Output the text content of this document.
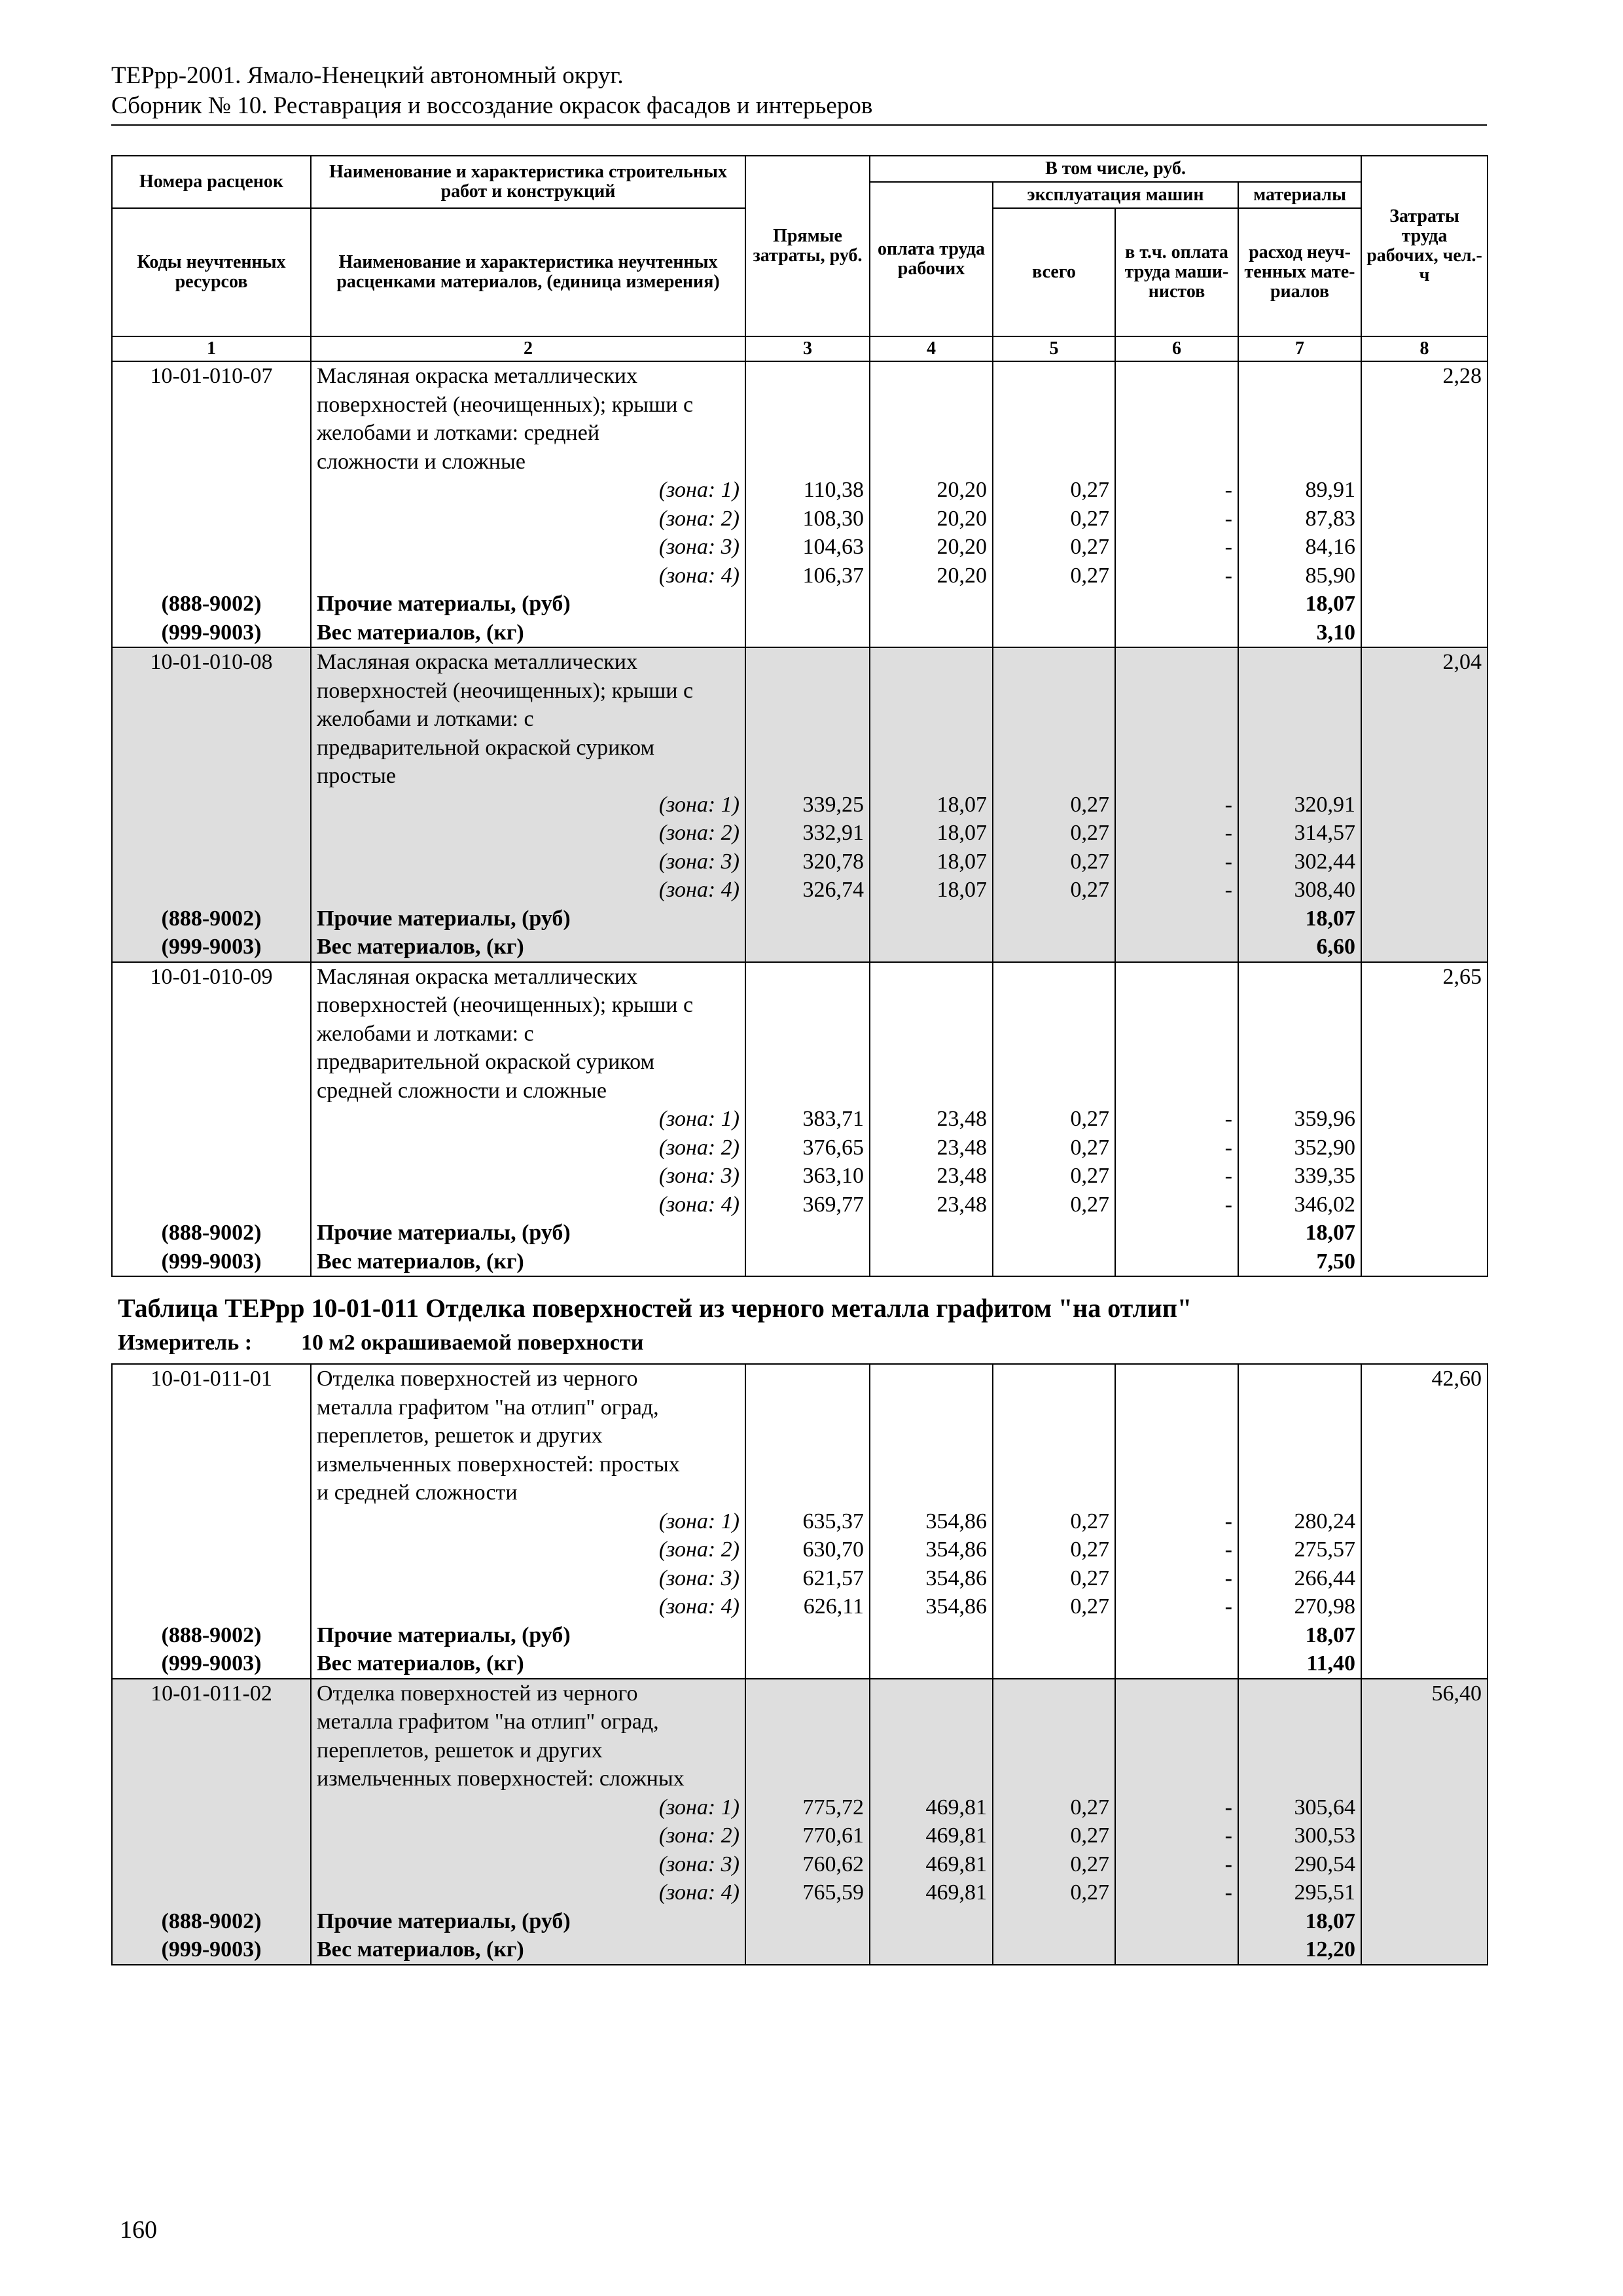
ТЕРрр-2001. Ямало-Ненецкий автономный округ.
Сборник № 10. Реставрация и воссоздание окрасок фасадов и интерьеров
Номера расценок	Наименование и характеристика строительных работ и конструкций	Прямые затраты, руб.	В том числе, руб.				Затраты труда рабочих, чел.-ч
			оплата труда рабочих	эксплуатация машин		материалы	
Коды неучтенных ресурсов	Наименование и характеристика неучтенных расценками материалов, (единица измерения)			всего	в т.ч. оплата труда маши-нистов	расход неуч-тенных мате-риалов	

1	2	3	4	5	6	7	8
10-01-010-07	Масляная окраска металлических						2,28
	поверхностей (неочищенных); крыши с						
	желобами и лотками: средней						
	сложности и сложные						
	(зона: 1)	110,38	20,20	0,27	-	89,91	
	(зона: 2)	108,30	20,20	0,27	-	87,83	
	(зона: 3)	104,63	20,20	0,27	-	84,16	
	(зона: 4)	106,37	20,20	0,27	-	85,90	
(888-9002)	Прочие материалы, (руб)					18,07	
(999-9003)	Вес материалов, (кг)					3,10	
10-01-010-08	Масляная окраска металлических						2,04
	поверхностей (неочищенных); крыши с						
	желобами и лотками: с						
	предварительной окраской суриком						
	простые						
	(зона: 1)	339,25	18,07	0,27	-	320,91	
	(зона: 2)	332,91	18,07	0,27	-	314,57	
	(зона: 3)	320,78	18,07	0,27	-	302,44	
	(зона: 4)	326,74	18,07	0,27	-	308,40	
(888-9002)	Прочие материалы, (руб)					18,07	
(999-9003)	Вес материалов, (кг)					6,60	
10-01-010-09	Масляная окраска металлических						2,65
	поверхностей (неочищенных); крыши с						
	желобами и лотками: с						
	предварительной окраской суриком						
	средней сложности и сложные						
	(зона: 1)	383,71	23,48	0,27	-	359,96	
	(зона: 2)	376,65	23,48	0,27	-	352,90	
	(зона: 3)	363,10	23,48	0,27	-	339,35	
	(зона: 4)	369,77	23,48	0,27	-	346,02	
(888-9002)	Прочие материалы, (руб)					18,07	
(999-9003)	Вес материалов, (кг)					7,50	
Таблица ТЕРрр 10-01-011 Отделка поверхностей из черного металла графитом "на отлип"
Измеритель : 10 м2 окрашиваемой поверхности
10-01-011-01	Отделка поверхностей из черного						42,60
	металла графитом "на отлип" оград,						
	переплетов, решеток и других						
	измельченных поверхностей: простых						
	и средней сложности						
	(зона: 1)	635,37	354,86	0,27	-	280,24	
	(зона: 2)	630,70	354,86	0,27	-	275,57	
	(зона: 3)	621,57	354,86	0,27	-	266,44	
	(зона: 4)	626,11	354,86	0,27	-	270,98	
(888-9002)	Прочие материалы, (руб)					18,07	
(999-9003)	Вес материалов, (кг)					11,40	
10-01-011-02	Отделка поверхностей из черного						56,40
	металла графитом "на отлип" оград,						
	переплетов, решеток и других						
	измельченных поверхностей: сложных						
	(зона: 1)	775,72	469,81	0,27	-	305,64	
	(зона: 2)	770,61	469,81	0,27	-	300,53	
	(зона: 3)	760,62	469,81	0,27	-	290,54	
	(зона: 4)	765,59	469,81	0,27	-	295,51	
(888-9002)	Прочие материалы, (руб)					18,07	
(999-9003)	Вес материалов, (кг)					12,20	
160
